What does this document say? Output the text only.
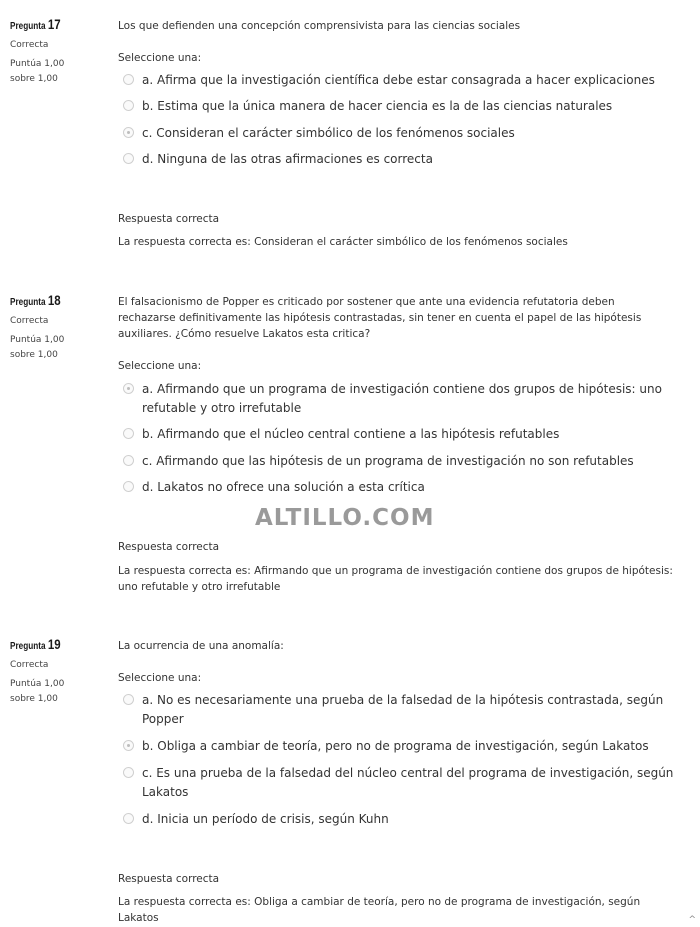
Pregunta 17
Correcta
Puntúa 1,00 sobre 1,00
Los que defienden una concepción comprensivista para las ciencias sociales
Seleccione una:
a. Afirma que la investigación científica debe estar consagrada a hacer explicaciones
b. Estima que la única manera de hacer ciencia es la de las ciencias naturales
c. Consideran el carácter simbólico de los fenómenos sociales
d. Ninguna de las otras afirmaciones es correcta
Respuesta correcta
La respuesta correcta es: Consideran el carácter simbólico de los fenómenos sociales
Pregunta 18
Correcta
Puntúa 1,00 sobre 1,00
El falsacionismo de Popper es criticado por sostener que ante una evidencia refutatoria deben rechazarse definitivamente las hipótesis contrastadas, sin tener en cuenta el papel de las hipótesis auxiliares. ¿Cómo resuelve Lakatos esta critica?
Seleccione una:
a. Afirmando que un programa de investigación contiene dos grupos de hipótesis: uno refutable y otro irrefutable
b. Afirmando que el núcleo central contiene a las hipótesis refutables
c. Afirmando que las hipótesis de un programa de investigación no son refutables
d. Lakatos no ofrece una solución a esta crítica
Respuesta correcta
La respuesta correcta es: Afirmando que un programa de investigación contiene dos grupos de hipótesis: uno refutable y otro irrefutable
ALTILLO.COM
Pregunta 19
Correcta
Puntúa 1,00 sobre 1,00
La ocurrencia de una anomalía:
Seleccione una:
a. No es necesariamente una prueba de la falsedad de la hipótesis contrastada, según Popper
b. Obliga a cambiar de teoría, pero no de programa de investigación, según Lakatos
c. Es una prueba de la falsedad del núcleo central del programa de investigación, según Lakatos
d. Inicia un período de crisis, según Kuhn
Respuesta correcta
La respuesta correcta es: Obliga a cambiar de teoría, pero no de programa de investigación, según Lakatos	^
